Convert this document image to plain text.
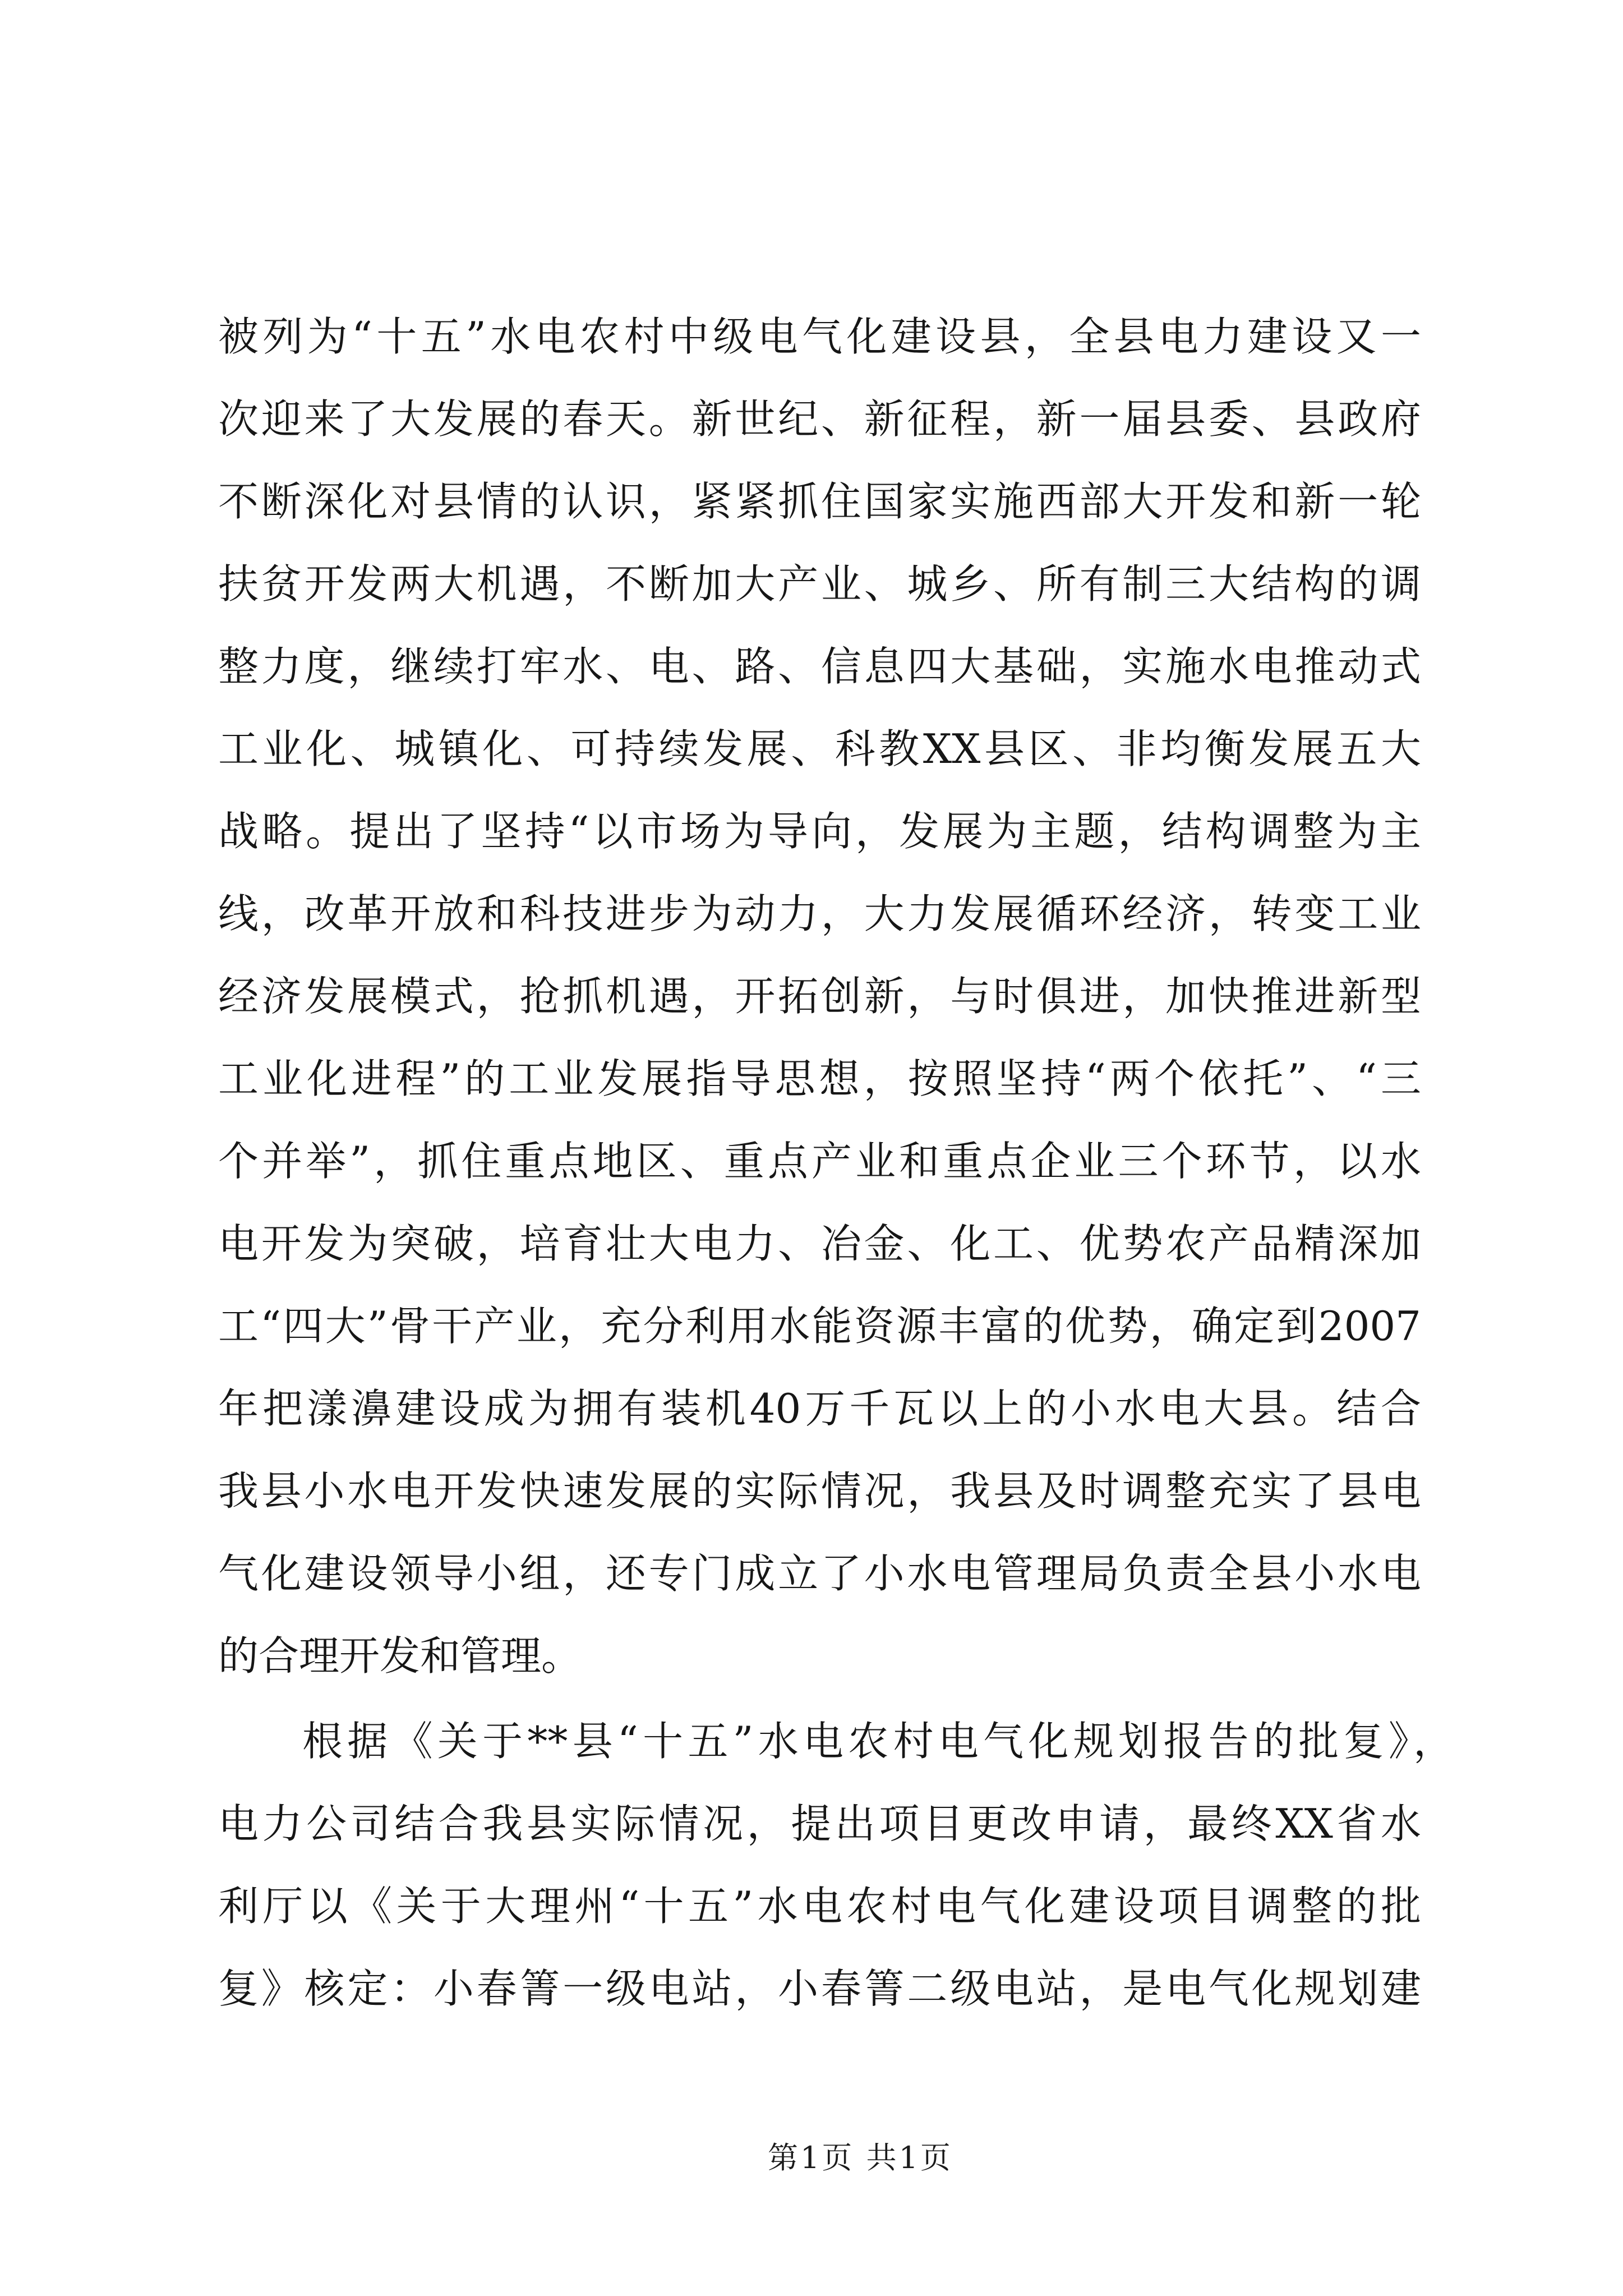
被列为“十五”水电农村中级电气化建设县，全县电力建设又一
次迎来了大发展的春天。新世纪、新征程，新一届县委、县政府
不断深化对县情的认识，紧紧抓住国家实施西部大开发和新一轮
扶贫开发两大机遇，不断加大产业、城乡、所有制三大结构的调
整力度，继续打牢水、电、路、信息四大基础，实施水电推动式
工业化、城镇化、可持续发展、科教XX县区、非均衡发展五大
战略。提出了坚持“以市场为导向，发展为主题，结构调整为主
线，改革开放和科技进步为动力，大力发展循环经济，转变工业
经济发展模式，抢抓机遇，开拓创新，与时俱进，加快推进新型
工业化进程”的工业发展指导思想，按照坚持“两个依托”、“三
个并举”，抓住重点地区、重点产业和重点企业三个环节，以水
电开发为突破，培育壮大电力、冶金、化工、优势农产品精深加
工“四大”骨干产业，充分利用水能资源丰富的优势，确定到2007
年把漾濞建设成为拥有装机40万千瓦以上的小水电大县。结合
我县小水电开发快速发展的实际情况，我县及时调整充实了县电
气化建设领导小组，还专门成立了小水电管理局负责全县小水电
的合理开发和管理。
根据《关于**县“十五”水电农村电气化规划报告的批复》，
电力公司结合我县实际情况，提出项目更改申请，最终XX省水
利厅以《关于大理州“十五”水电农村电气化建设项目调整的批
复》核定：小春箐一级电站，小春箐二级电站，是电气化规划建
第1页 共1页
